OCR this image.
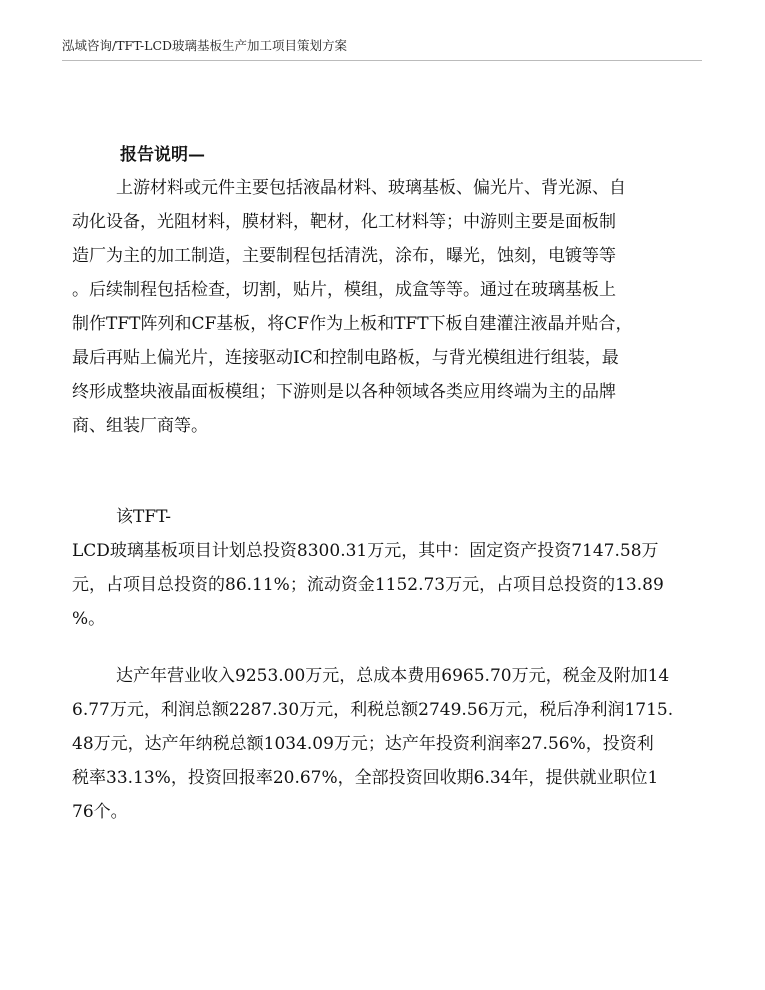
泓域咨询/TFT-LCD玻璃基板生产加工项目策划方案
报告说明—
上游材料或元件主要包括液晶材料、玻璃基板、偏光片、背光源、自
动化设备，光阻材料，膜材料，靶材，化工材料等；中游则主要是面板制
造厂为主的加工制造，主要制程包括清洗，涂布，曝光，蚀刻，电镀等等
。后续制程包括检查，切割，贴片，模组，成盒等等。通过在玻璃基板上
制作TFT阵列和CF基板，将CF作为上板和TFT下板自建灌注液晶并贴合，
最后再贴上偏光片，连接驱动IC和控制电路板，与背光模组进行组装，最
终形成整块液晶面板模组；下游则是以各种领域各类应用终端为主的品牌
商、组装厂商等。
该TFT-
LCD玻璃基板项目计划总投资8300.31万元，其中：固定资产投资7147.58万
元，占项目总投资的86.11%；流动资金1152.73万元，占项目总投资的13.89
%。
达产年营业收入9253.00万元，总成本费用6965.70万元，税金及附加14
6.77万元，利润总额2287.30万元，利税总额2749.56万元，税后净利润1715.
48万元，达产年纳税总额1034.09万元；达产年投资利润率27.56%，投资利
税率33.13%，投资回报率20.67%，全部投资回收期6.34年，提供就业职位1
76个。
